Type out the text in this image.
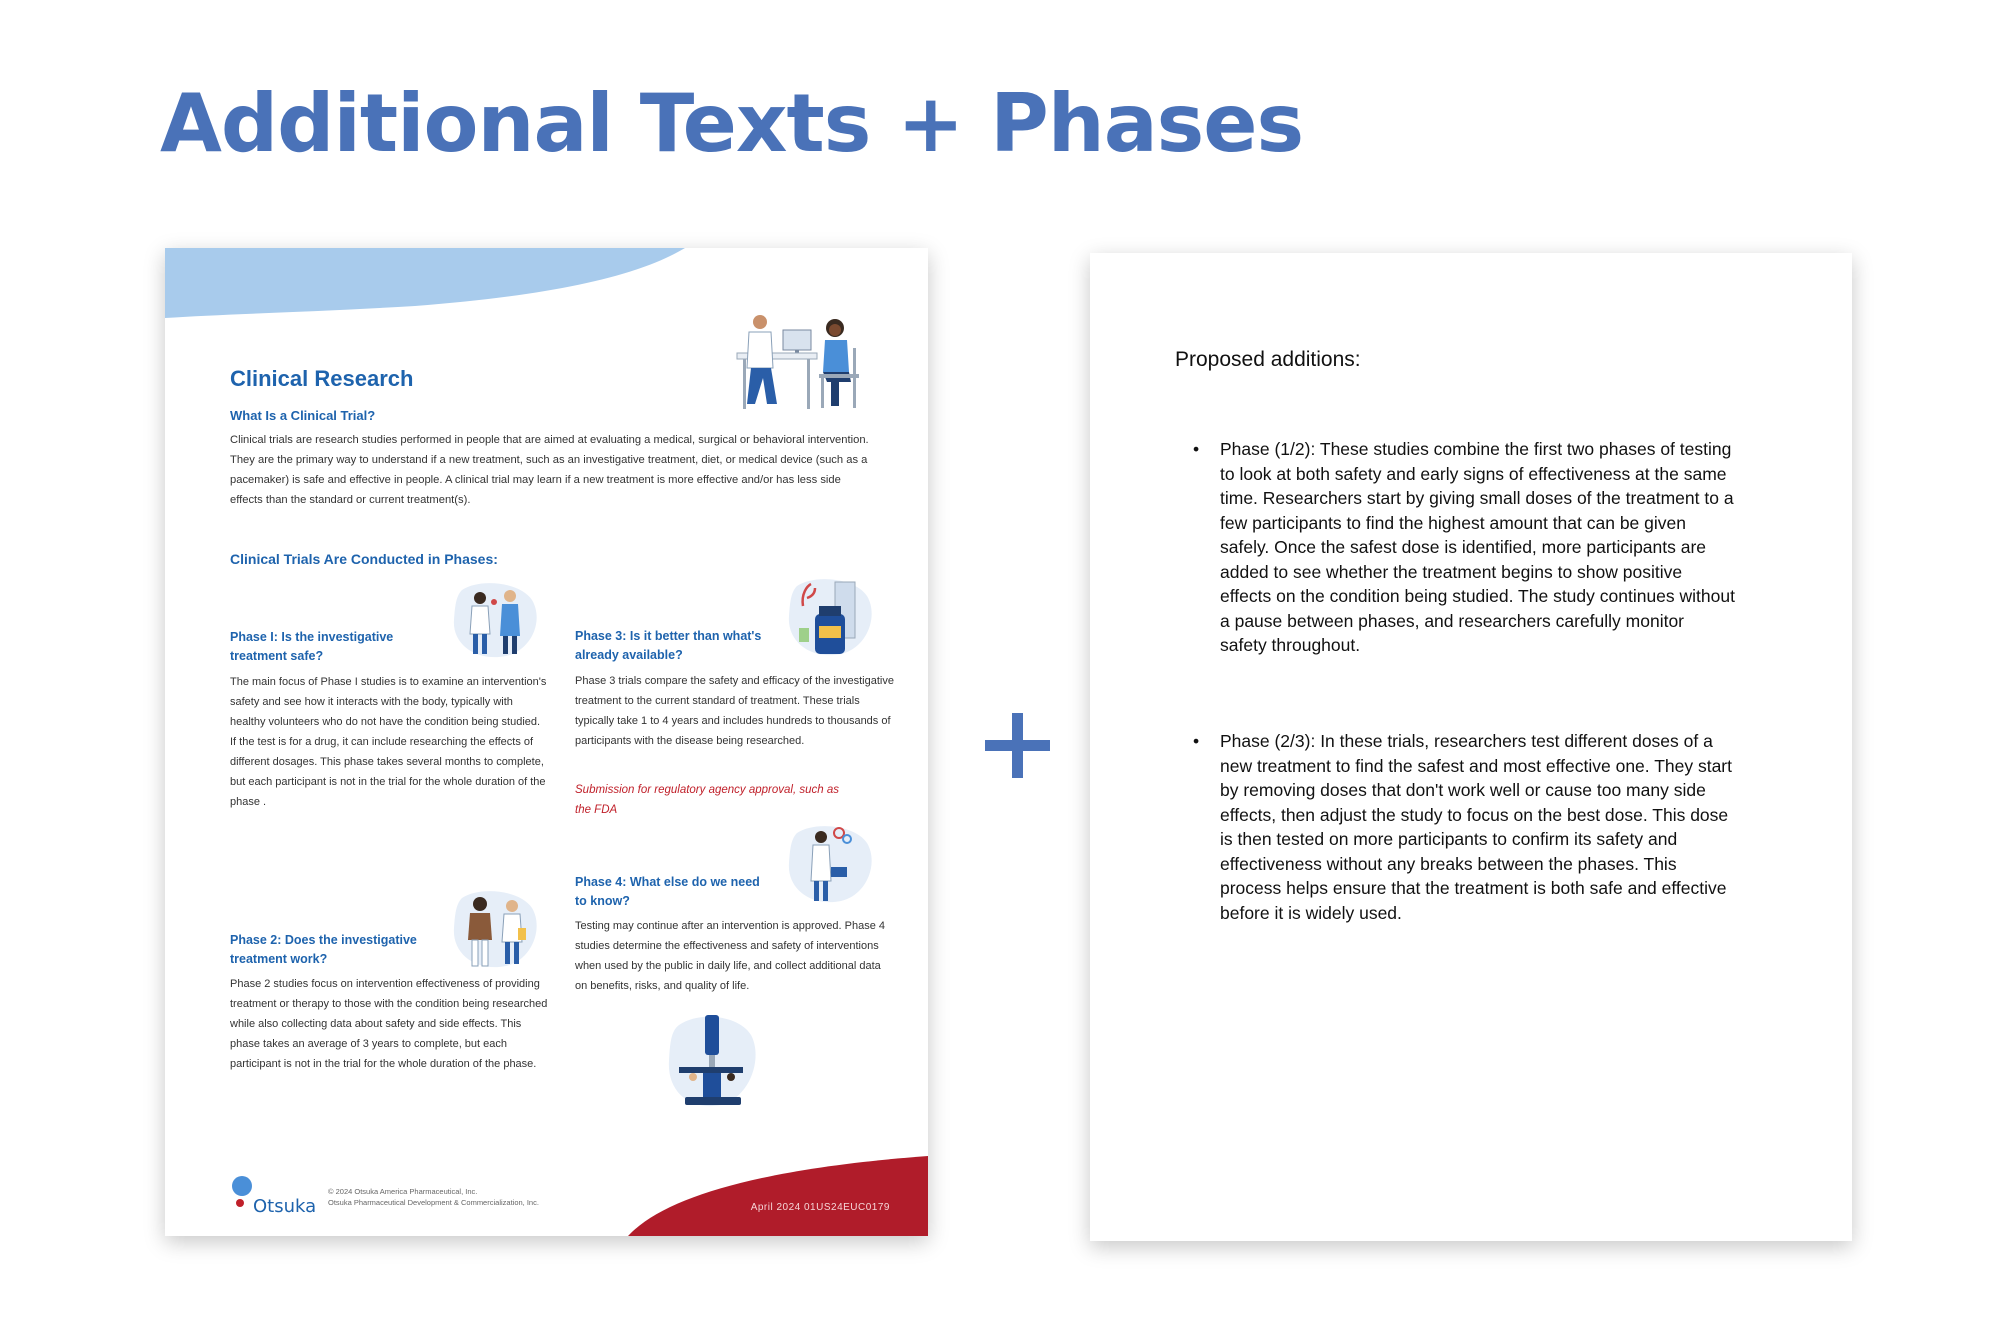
Additional Texts + Phases
Clinical Research
What Is a Clinical Trial?

Clinical trials are research studies performed in people that are aimed at evaluating a medical, surgical or behavioral intervention. They are the primary way to understand if a new treatment, such as an investigative treatment, diet, or medical device (such as a pacemaker) is safe and effective in people. A clinical trial may learn if a new treatment is more effective and/or has less side effects than the standard or current treatment(s).

Clinical Trials Are Conducted in Phases:
Phase I: Is the investigative treatment safe?

The main focus of Phase I studies is to examine an intervention's safety and see how it interacts with the body, typically with healthy volunteers who do not have the condition being studied. If the test is for a drug, it can include researching the effects of different dosages. This phase takes several months to complete, but each participant is not in the trial for the whole duration of the phase .

Phase 2: Does the investigative treatment work?

Phase 2 studies focus on intervention effectiveness of providing treatment or therapy to those with the condition being researched while also collecting data about safety and side effects. This phase takes an average of 3 years to complete, but each participant is not in the trial for the whole duration of the phase.

Phase 3: Is it better than what's already available?

Phase 3 trials compare the safety and efficacy of the investigative treatment to the current standard of treatment. These trials typically take 1 to 4 years and includes hundreds to thousands of participants with the disease being researched.

Submission for regulatory agency approval, such as the FDA

Phase 4: What else do we need to know?

Testing may continue after an intervention is approved. Phase 4 studies determine the effectiveness and safety of interventions when used by the public in daily life, and collect additional data on benefits, risks, and quality of life.

Otsuka
© 2024 Otsuka America Pharmaceutical, Inc.
Otsuka Pharmaceutical Development & Commercialization, Inc.	April 2024 01US24EUC0179
Proposed additions:
• Phase (1/2): These studies combine the first two phases of testing to look at both safety and early signs of effectiveness at the same time. Researchers start by giving small doses of the treatment to a few participants to find the highest amount that can be given safely. Once the safest dose is identified, more participants are added to see whether the treatment begins to show positive effects on the condition being studied. The study continues without a pause between phases, and researchers carefully monitor safety throughout.
• Phase (2/3): In these trials, researchers test different doses of a new treatment to find the safest and most effective one. They start by removing doses that don't work well or cause too many side effects, then adjust the study to focus on the best dose. This dose is then tested on more participants to confirm its safety and effectiveness without any breaks between the phases. This process helps ensure that the treatment is both safe and effective before it is widely used.
